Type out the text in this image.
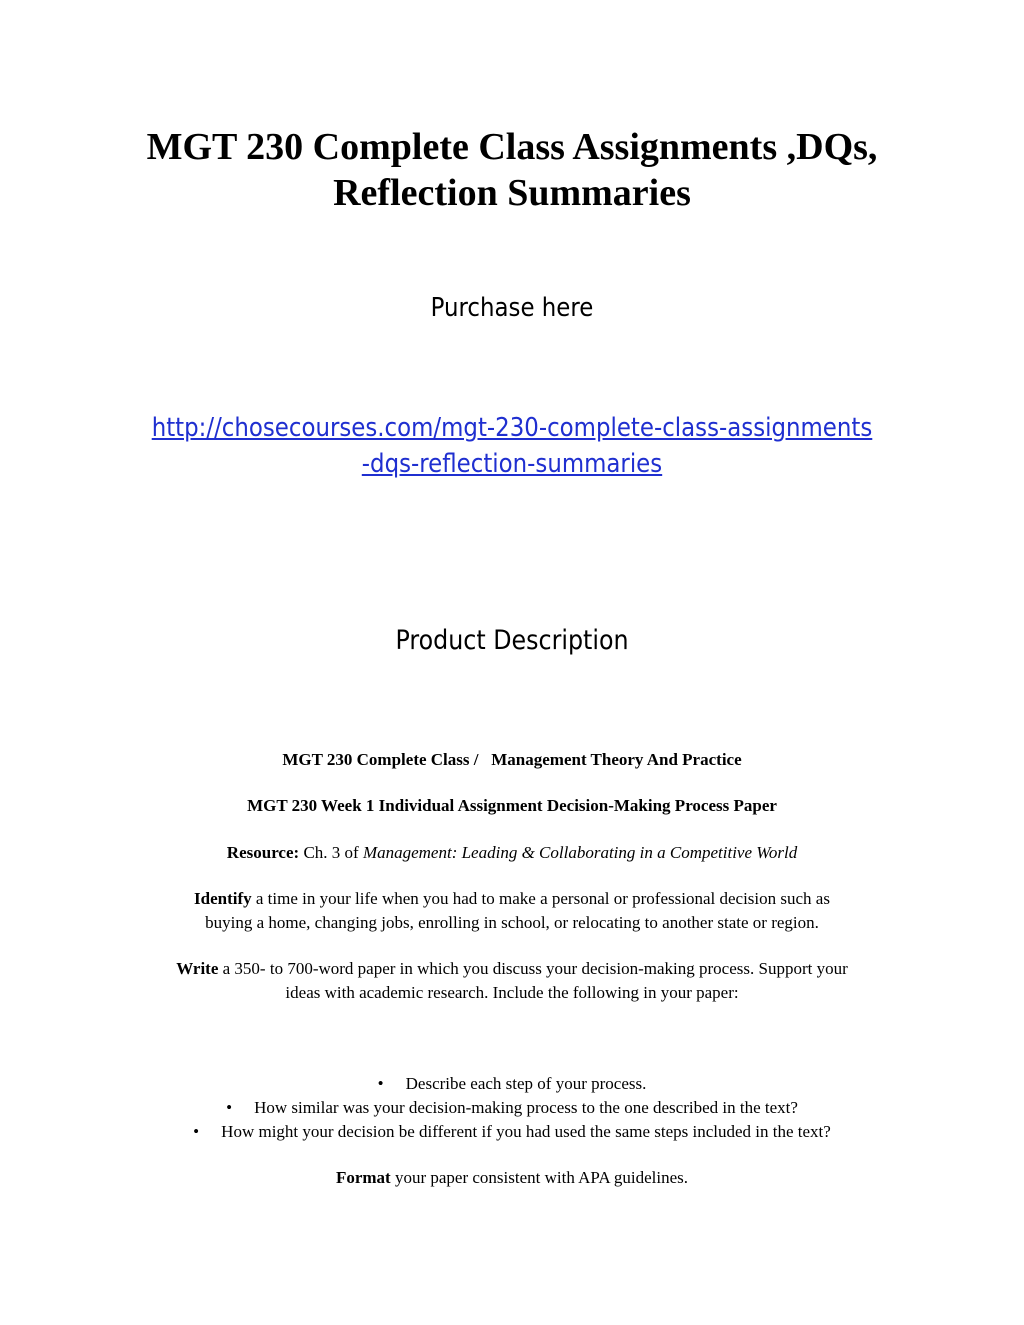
MGT 230 Complete Class Assignments ,DQs,
Reflection Summaries
Purchase here
http://chosecourses.com/mgt-230-complete-class-assignments
-dqs-reflection-summaries
Product Description
MGT 230 Complete Class / Management Theory And Practice
MGT 230 Week 1 Individual Assignment Decision-Making Process Paper
Resource: Ch. 3 of Management: Leading & Collaborating in a Competitive World
Identify a time in your life when you had to make a personal or professional decision such as
buying a home, changing jobs, enrolling in school, or relocating to another state or region.
Write a 350- to 700-word paper in which you discuss your decision-making process. Support your
ideas with academic research. Include the following in your paper:
• Describe each step of your process.
• How similar was your decision-making process to the one described in the text?
• How might your decision be different if you had used the same steps included in the text?
Format your paper consistent with APA guidelines.
